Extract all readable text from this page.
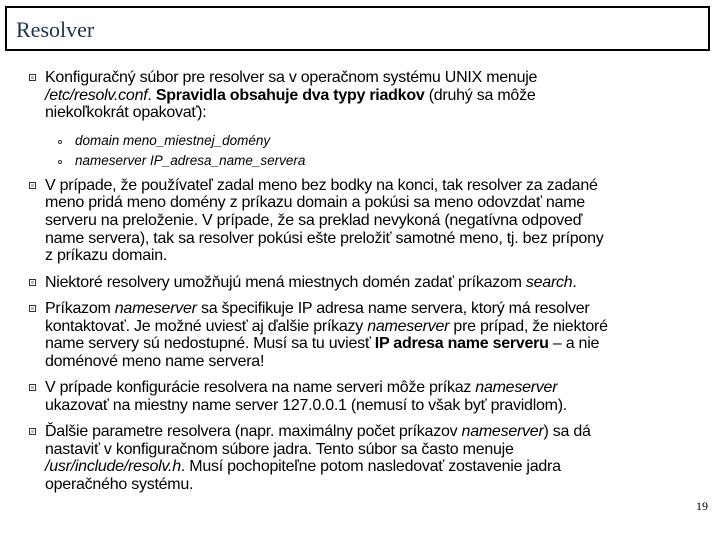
Resolver
Konfiguračný súbor pre resolver sa v operačnom systému UNIX menuje
/etc/resolv.conf. Spravidla obsahuje dva typy riadkov (druhý sa môže
niekoľkokrát opakovať):
domain meno_miestnej_domény
nameserver IP_adresa_name_servera
V prípade, že používateľ zadal meno bez bodky na konci, tak resolver za zadané
meno pridá meno domény z príkazu domain a pokúsi sa meno odovzdať name
serveru na preloženie. V prípade, že sa preklad nevykoná (negatívna odpoveď
name servera), tak sa resolver pokúsi ešte preložiť samotné meno, tj. bez prípony
z príkazu domain.
Niektoré resolvery umožňujú mená miestnych domén zadať príkazom search.
Príkazom nameserver sa špecifikuje IP adresa name servera, ktorý má resolver
kontaktovať. Je možné uviesť aj ďalšie príkazy nameserver pre prípad, že niektoré
name servery sú nedostupné. Musí sa tu uviesť IP adresa name serveru – a nie
doménové meno name servera!
V prípade konfigurácie resolvera na name serveri môže príkaz nameserver
ukazovať na miestny name server 127.0.0.1 (nemusí to však byť pravidlom).
Ďalšie parametre resolvera (napr. maximálny počet príkazov nameserver) sa dá
nastaviť v konfiguračnom súbore jadra. Tento súbor sa často menuje
/usr/include/resolv.h. Musí pochopiteľne potom nasledovať zostavenie jadra
operačného systému.
19
